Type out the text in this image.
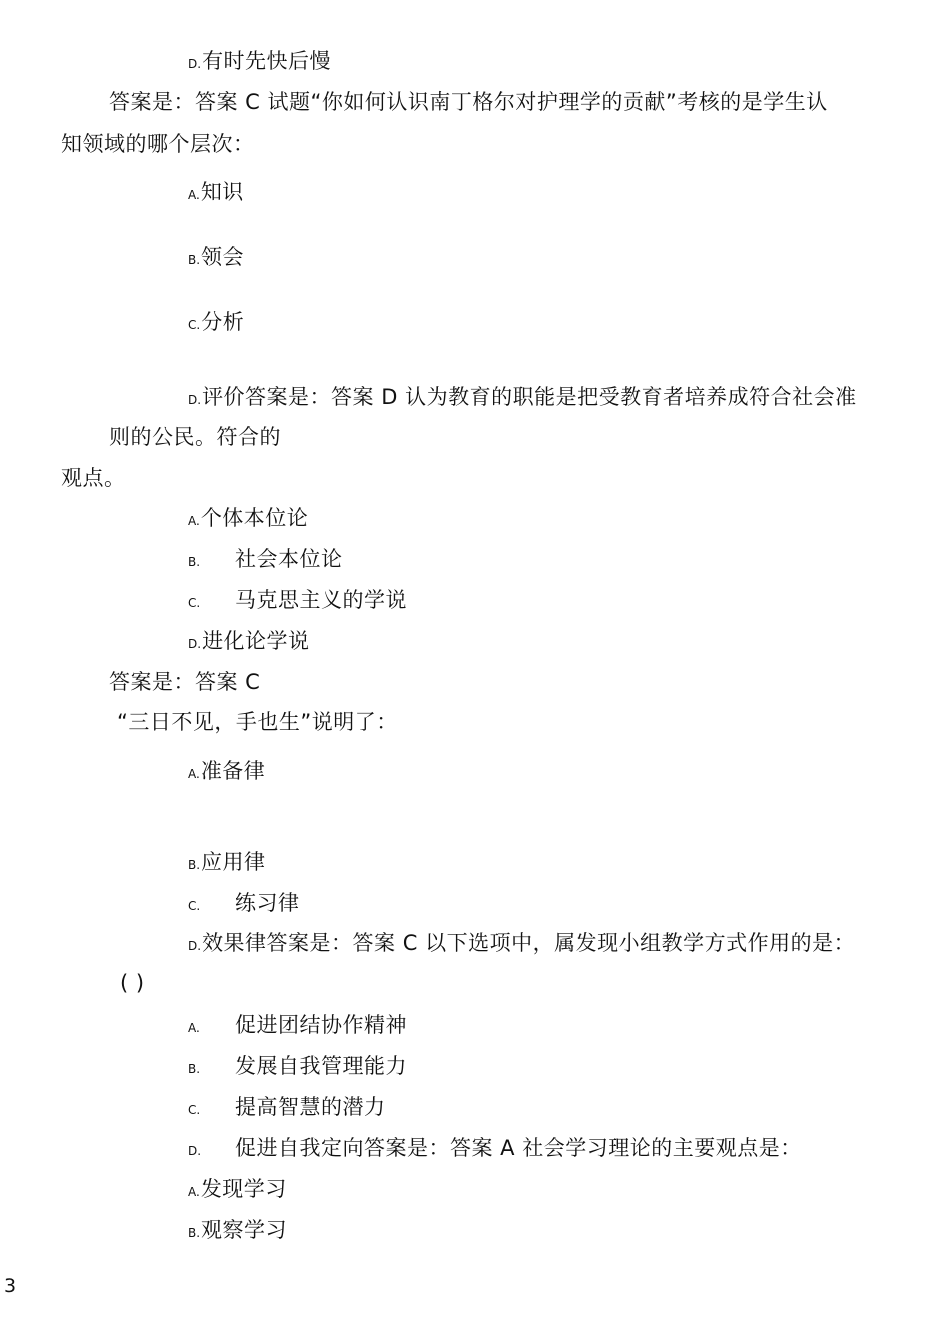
D.有时先快后慢
答案是：答案 C 试题“你如何认识南丁格尔对护理学的贡献”考核的是学生认
知领域的哪个层次：
A.知识
B.领会
C.分析
D.评价答案是：答案 D 认为教育的职能是把受教育者培养成符合社会准
则的公民。符合的
观点。
A.个体本位论
B. 社会本位论
C. 马克思主义的学说
D.进化论学说
答案是：答案 C
“三日不见，手也生”说明了：
A.准备律
B.应用律
C. 练习律
D.效果律答案是：答案 C 以下选项中，属发现小组教学方式作用的是：
( )
A. 促进团结协作精神
B. 发展自我管理能力
C. 提高智慧的潜力
D. 促进自我定向答案是：答案 A 社会学习理论的主要观点是：
A.发现学习
B.观察学习
3
